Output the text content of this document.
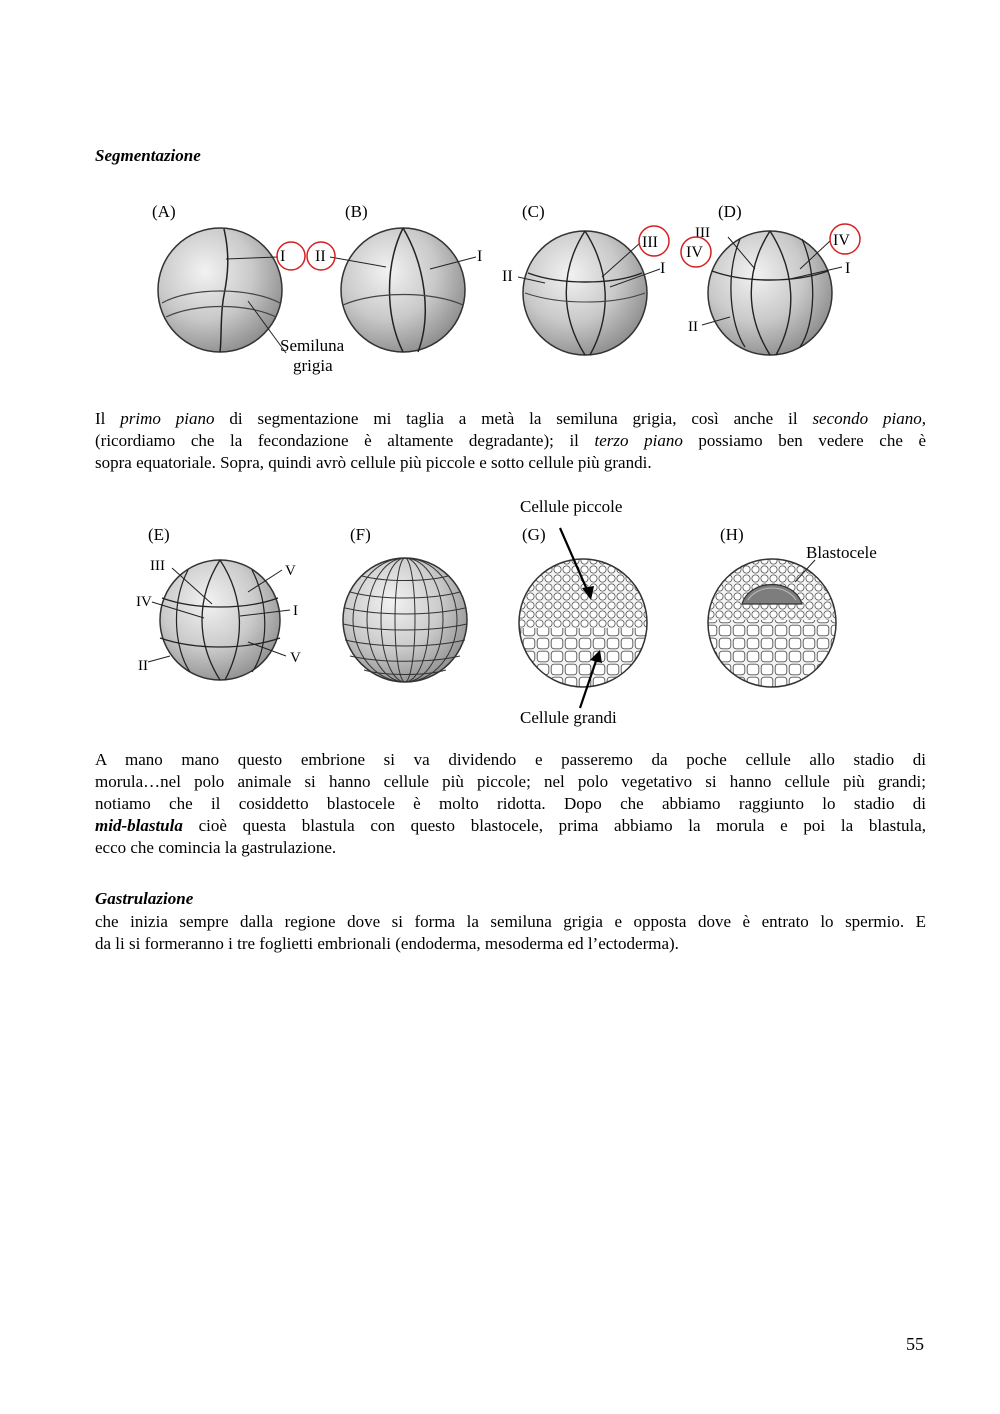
Segmentazione
(A)
I
Semiluna
grigia
(B)
II	I
(C)
III
I
II
(D)
III
IV
IV
I
II
Il primo piano di segmentazione mi taglia a metà la semiluna grigia, così anche il secondo piano,
(ricordiamo che la fecondazione è altamente degradante); il terzo piano possiamo ben vedere che è
sopra equatoriale. Sopra, quindi avrò cellule più piccole e sotto cellule più grandi.
Cellule piccole
Cellule grandi
(E)
III	V
IV
I
II	V
(F)	(G)	(H)
Blastocele
A mano mano questo embrione si va dividendo e passeremo da poche cellule allo stadio di
morula…nel polo animale si hanno cellule più piccole; nel polo vegetativo si hanno cellule più grandi;
notiamo che il cosiddetto blastocele è molto ridotta. Dopo che abbiamo raggiunto lo stadio di
mid-blastula cioè questa blastula con questo blastocele, prima abbiamo la morula e poi la blastula,
ecco che comincia la gastrulazione.
Gastrulazione
che inizia sempre dalla regione dove si forma la semiluna grigia e opposta dove è entrato lo spermio. E
da li si formeranno i tre foglietti embrionali (endoderma, mesoderma ed l’ectoderma).
55
